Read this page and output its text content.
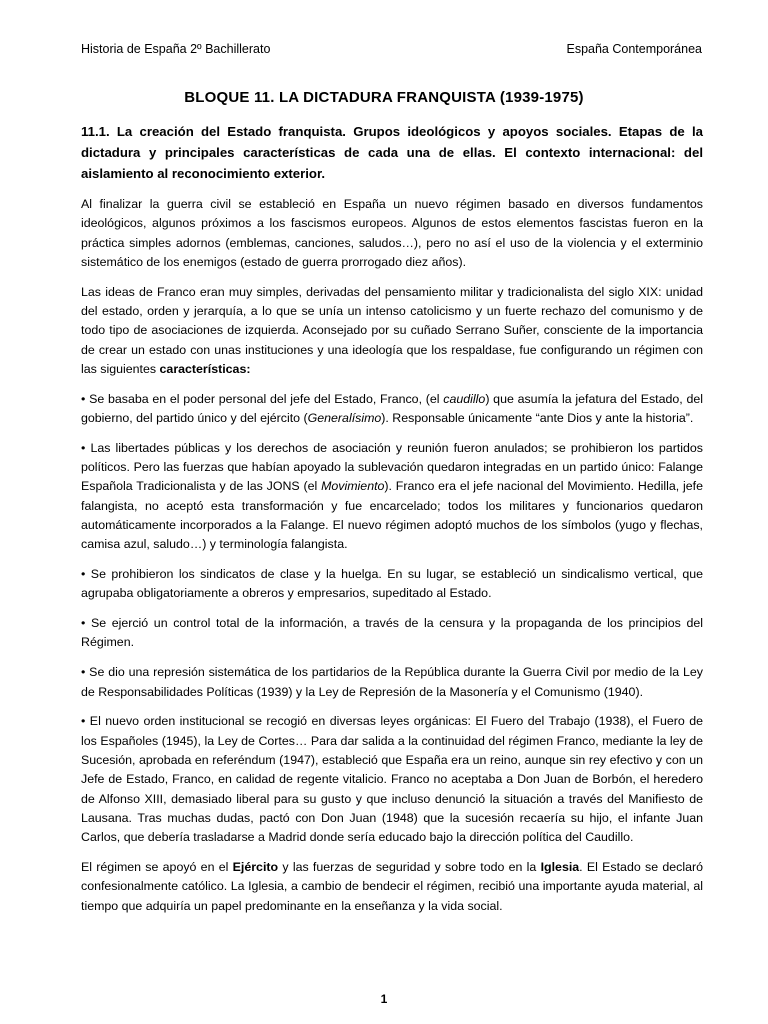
Historia de España 2º Bachillerato	España Contemporánea
BLOQUE 11. LA DICTADURA FRANQUISTA (1939-1975)

11.1. La creación del Estado franquista. Grupos ideológicos y apoyos sociales. Etapas de la dictadura y principales características de cada una de ellas. El contexto internacional: del aislamiento al reconocimiento exterior.

Al finalizar la guerra civil se estableció en España un nuevo régimen basado en diversos fundamentos ideológicos, algunos próximos a los fascismos europeos. Algunos de estos elementos fascistas fueron en la práctica simples adornos (emblemas, canciones, saludos…), pero no así el uso de la violencia y el exterminio sistemático de los enemigos (estado de guerra prorrogado diez años).

Las ideas de Franco eran muy simples, derivadas del pensamiento militar y tradicionalista del siglo XIX: unidad del estado, orden y jerarquía, a lo que se unía un intenso catolicismo y un fuerte rechazo del comunismo y de todo tipo de asociaciones de izquierda. Aconsejado por su cuñado Serrano Suñer, consciente de la importancia de crear un estado con unas instituciones y una ideología que los respaldase, fue configurando un régimen con las siguientes características:

• Se basaba en el poder personal del jefe del Estado, Franco, (el caudillo) que asumía la jefatura del Estado, del gobierno, del partido único y del ejército (Generalísimo). Responsable únicamente “ante Dios y ante la historia”.

• Las libertades públicas y los derechos de asociación y reunión fueron anulados; se prohibieron los partidos políticos. Pero las fuerzas que habían apoyado la sublevación quedaron integradas en un partido único: Falange Española Tradicionalista y de las JONS (el Movimiento). Franco era el jefe nacional del Movimiento. Hedilla, jefe falangista, no aceptó esta transformación y fue encarcelado; todos los militares y funcionarios quedaron automáticamente incorporados a la Falange. El nuevo régimen adoptó muchos de los símbolos (yugo y flechas, camisa azul, saludo…) y terminología falangista.

• Se prohibieron los sindicatos de clase y la huelga. En su lugar, se estableció un sindicalismo vertical, que agrupaba obligatoriamente a obreros y empresarios, supeditado al Estado.

• Se ejerció un control total de la información, a través de la censura y la propaganda de los principios del Régimen.

• Se dio una represión sistemática de los partidarios de la República durante la Guerra Civil por medio de la Ley de Responsabilidades Políticas (1939) y la Ley de Represión de la Masonería y el Comunismo (1940).

• El nuevo orden institucional se recogió en diversas leyes orgánicas: El Fuero del Trabajo (1938), el Fuero de los Españoles (1945), la Ley de Cortes… Para dar salida a la continuidad del régimen Franco, mediante la ley de Sucesión, aprobada en referéndum (1947), estableció que España era un reino, aunque sin rey efectivo y con un Jefe de Estado, Franco, en calidad de regente vitalicio. Franco no aceptaba a Don Juan de Borbón, el heredero de Alfonso XIII, demasiado liberal para su gusto y que incluso denunció la situación a través del Manifiesto de Lausana. Tras muchas dudas, pactó con Don Juan (1948) que la sucesión recaería su hijo, el infante Juan Carlos, que debería trasladarse a Madrid donde sería educado bajo la dirección política del Caudillo.

El régimen se apoyó en el Ejército y las fuerzas de seguridad y sobre todo en la Iglesia. El Estado se declaró confesionalmente católico. La Iglesia, a cambio de bendecir el régimen, recibió una importante ayuda material, al tiempo que adquiría un papel predominante en la enseñanza y la vida social.

1
